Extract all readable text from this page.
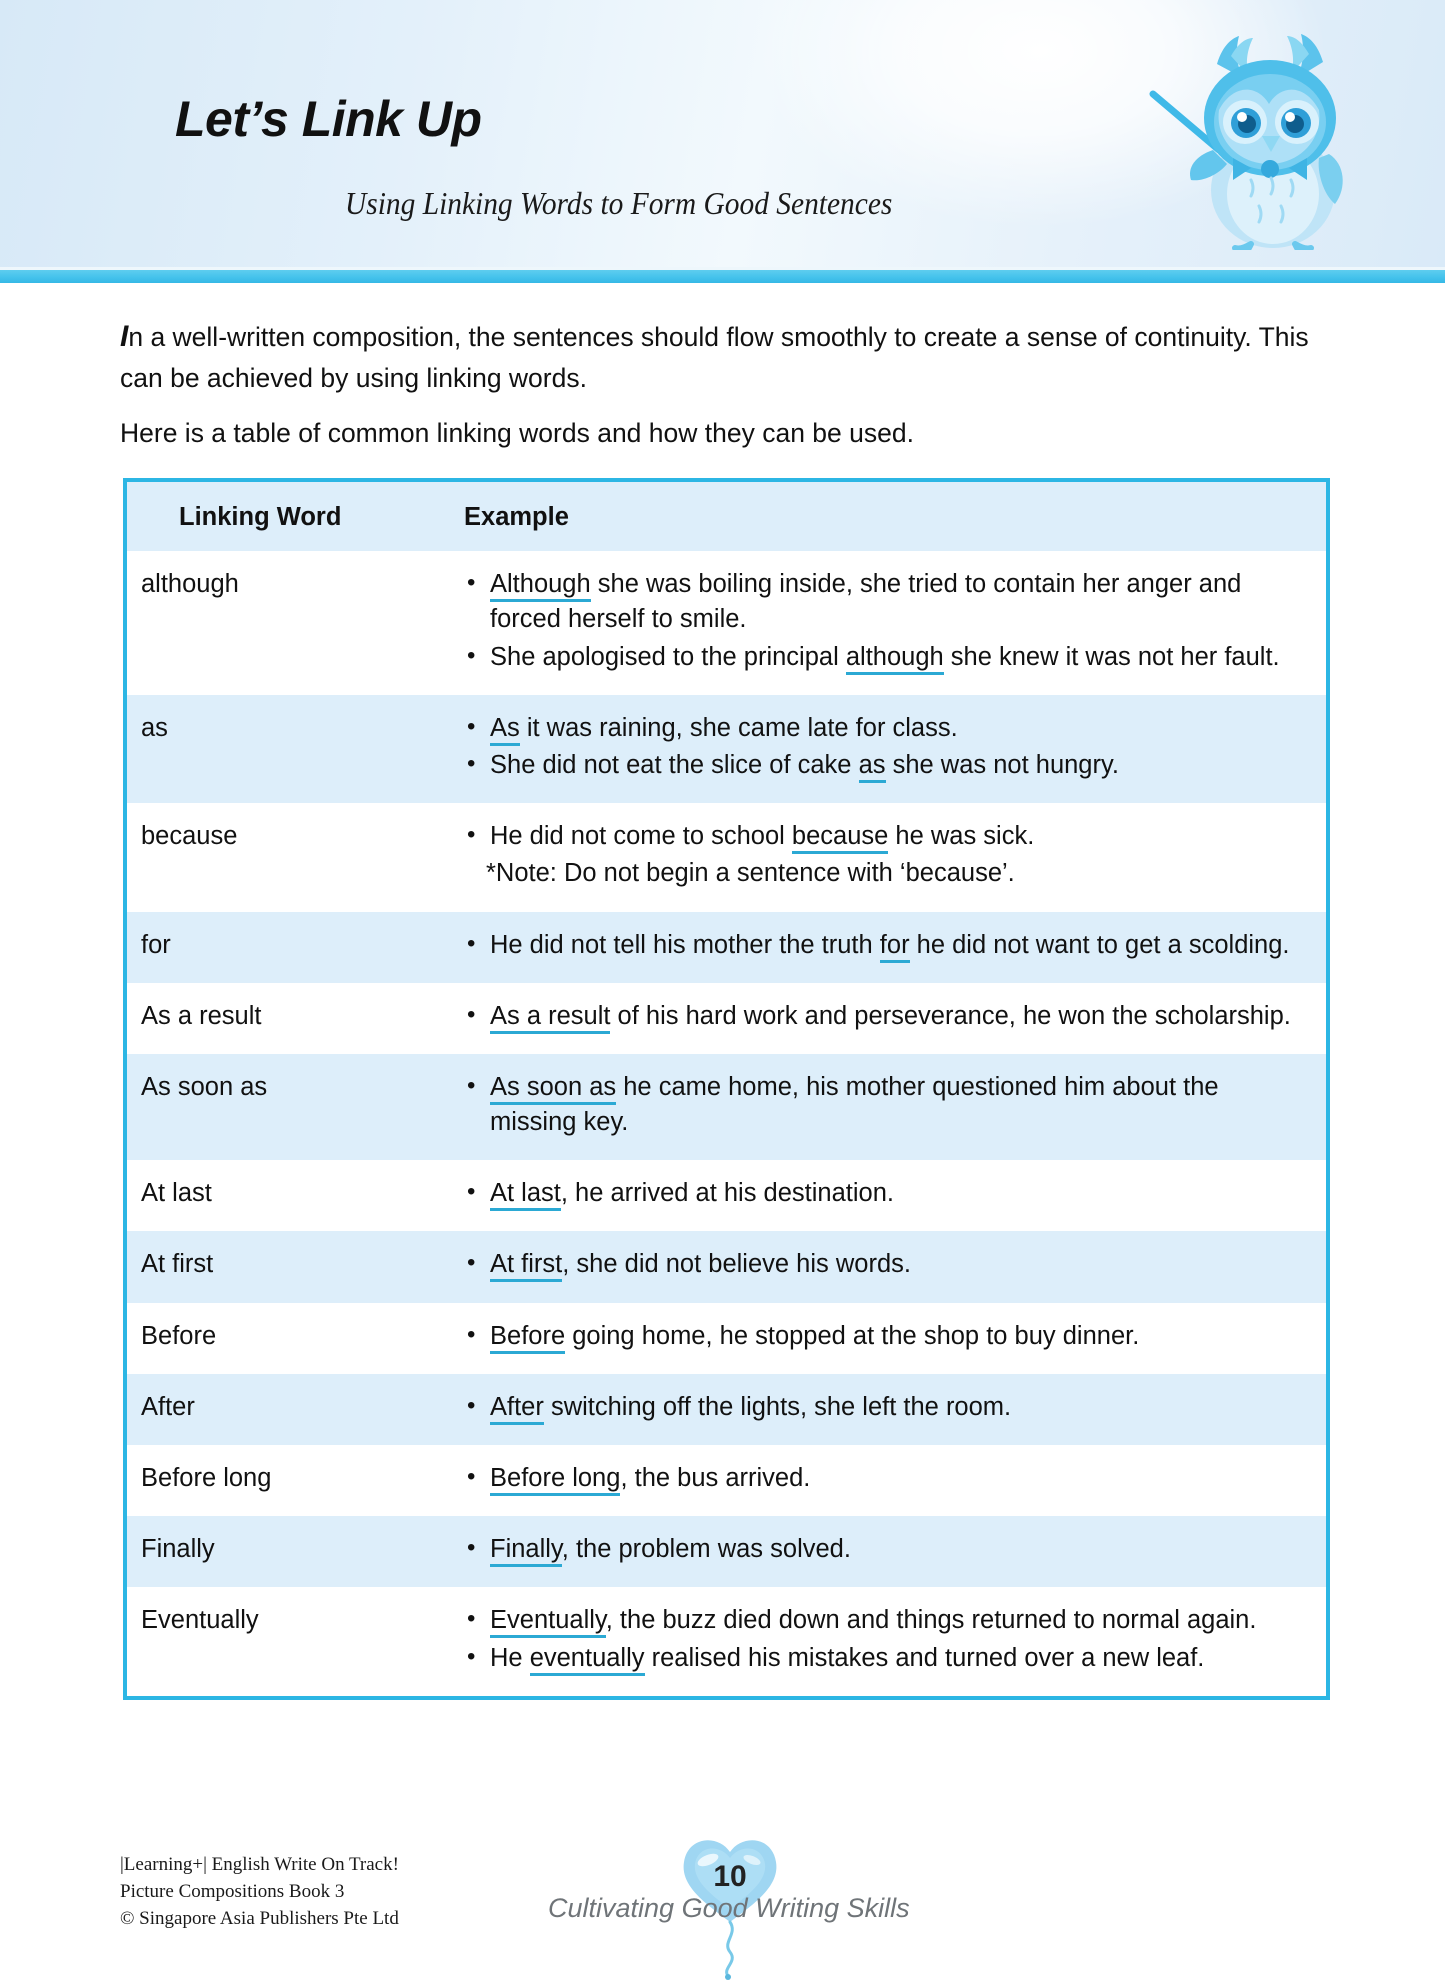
Let’s Link Up
Using Linking Words to Form Good Sentences

In a well-written composition, the sentences should flow smoothly to create a sense of continuity. This can be achieved by using linking words.

Here is a table of common linking words and how they can be used.

Linking Word	Example
although	
•Although she was boiling inside, she tried to contain her anger and forced herself to smile.
• She apologised to the principal although she knew it was not her fault.

as	
•As it was raining, she came late for class.
• She did not eat the slice of cake as she was not hungry.

because	
•He did not come to school because he was sick.
*Note: Do not begin a sentence with ‘because’.

for	
•He did not tell his mother the truth for he did not want to get a scolding.

As a result	
•As a result of his hard work and perseverance, he won the scholarship.

As soon as	
•As soon as he came home, his mother questioned him about the missing key.

At last	
•At last, he arrived at his destination.

At first	
•At first, she did not believe his words.

Before	
•Before going home, he stopped at the shop to buy dinner.

After	
•After switching off the lights, she left the room.

Before long	
•Before long, the bus arrived.

Finally	
•Finally, the problem was solved.

Eventually	
•Eventually, the buzz died down and things returned to normal again.
• He eventually realised his mistakes and turned over a new leaf.
|Learning+| English Write On Track!
Picture Compositions Book 3
© Singapore Asia Publishers Pte Ltd
10
Cultivating Good Writing Skills
